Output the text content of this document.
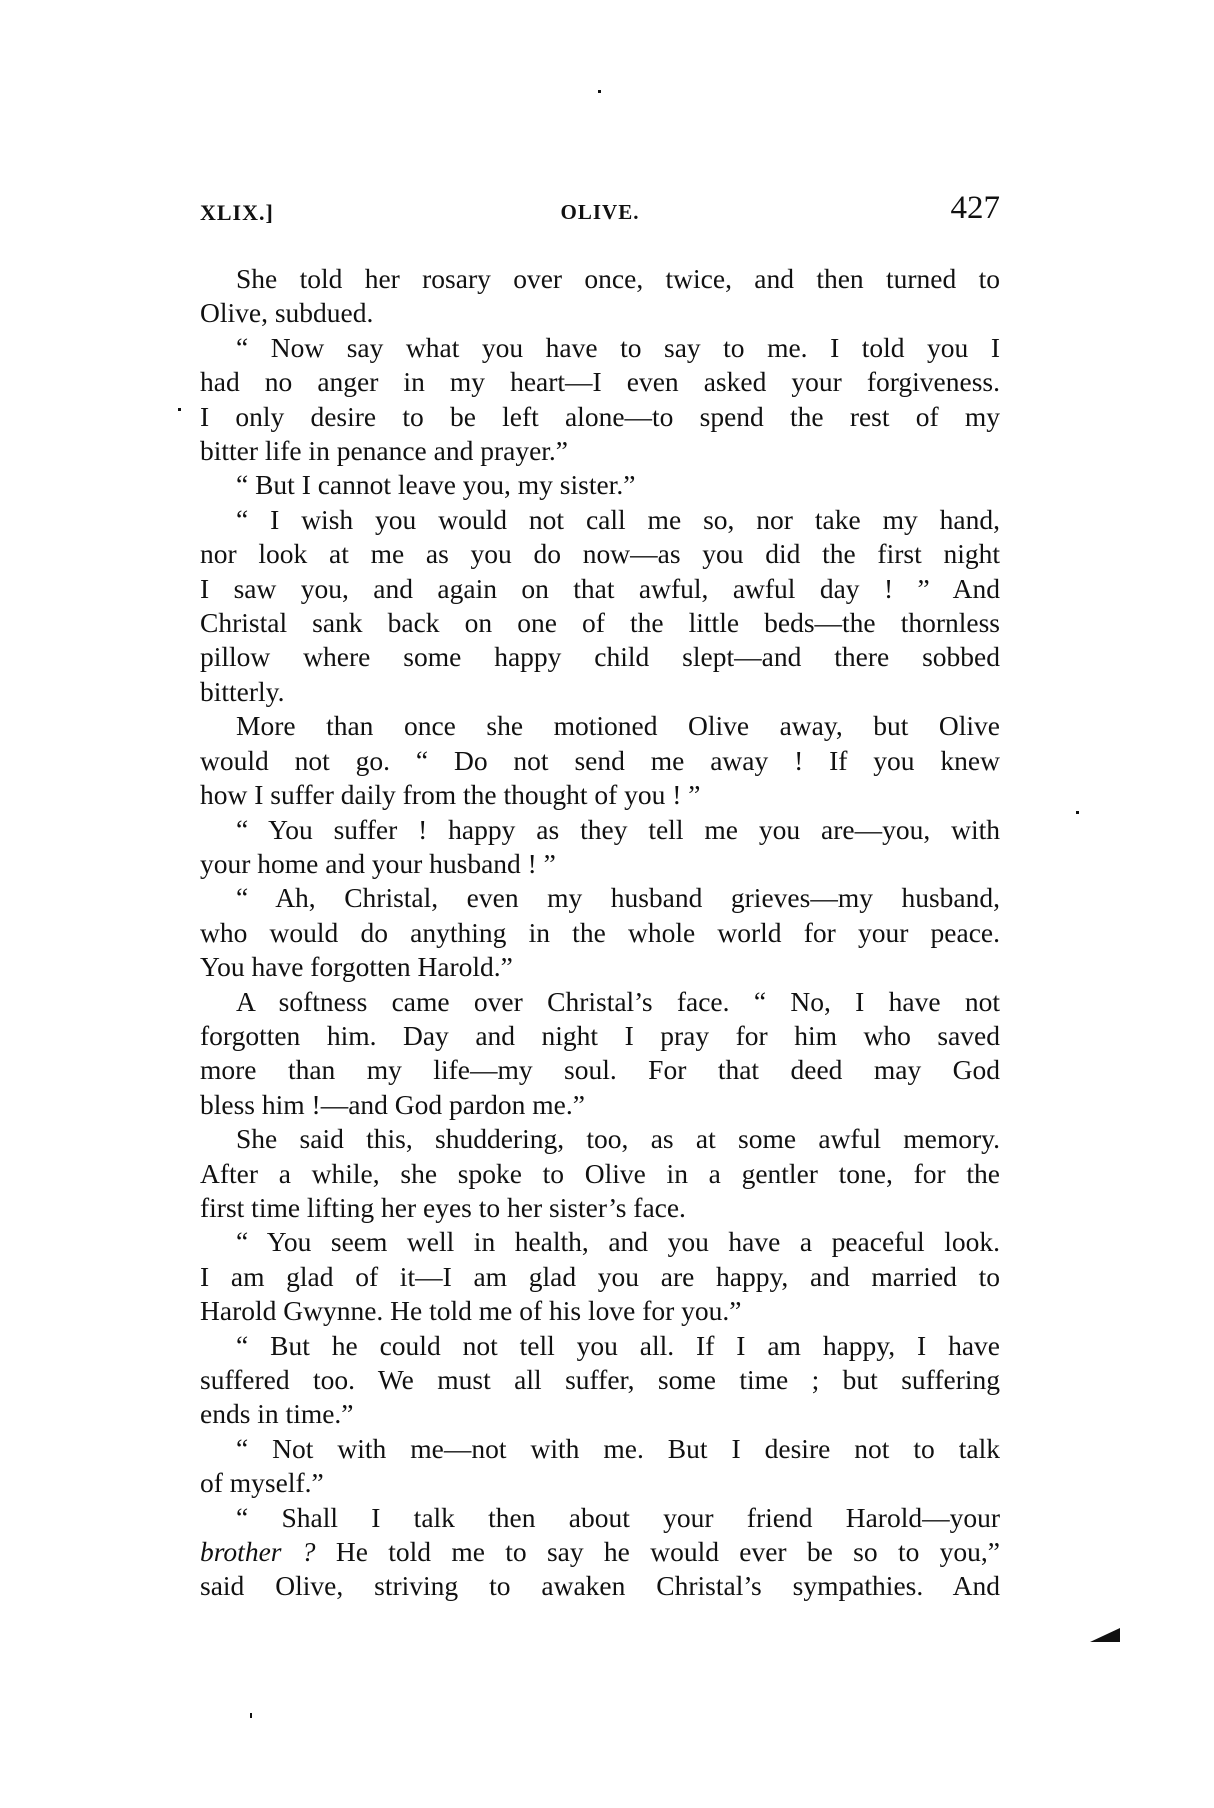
XLIX.]	OLIVE.	427
She told her rosary over once, twice, and then turned to
Olive, subdued.
“ Now say what you have to say to me. I told you I
had no anger in my heart—I even asked your forgiveness.
I only desire to be left alone—to spend the rest of my
bitter life in penance and prayer.”
“ But I cannot leave you, my sister.”
“ I wish you would not call me so, nor take my hand,
nor look at me as you do now—as you did the first night
I saw you, and again on that awful, awful day ! ” And
Christal sank back on one of the little beds—the thornless
pillow where some happy child slept—and there sobbed
bitterly.
More than once she motioned Olive away, but Olive
would not go. “ Do not send me away ! If you knew
how I suffer daily from the thought of you ! ”
“ You suffer ! happy as they tell me you are—you, with
your home and your husband ! ”
“ Ah, Christal, even my husband grieves—my husband,
who would do anything in the whole world for your peace.
You have forgotten Harold.”
A softness came over Christal’s face. “ No, I have not
forgotten him. Day and night I pray for him who saved
more than my life—my soul. For that deed may God
bless him !—and God pardon me.”
She said this, shuddering, too, as at some awful memory.
After a while, she spoke to Olive in a gentler tone, for the
first time lifting her eyes to her sister’s face.
“ You seem well in health, and you have a peaceful look.
I am glad of it—I am glad you are happy, and married to
Harold Gwynne. He told me of his love for you.”
“ But he could not tell you all. If I am happy, I have
suffered too. We must all suffer, some time ; but suffering
ends in time.”
“ Not with me—not with me. But I desire not to talk
of myself.”
“ Shall I talk then about your friend Harold—your
brother ? He told me to say he would ever be so to you,”
said Olive, striving to awaken Christal’s sympathies. And
